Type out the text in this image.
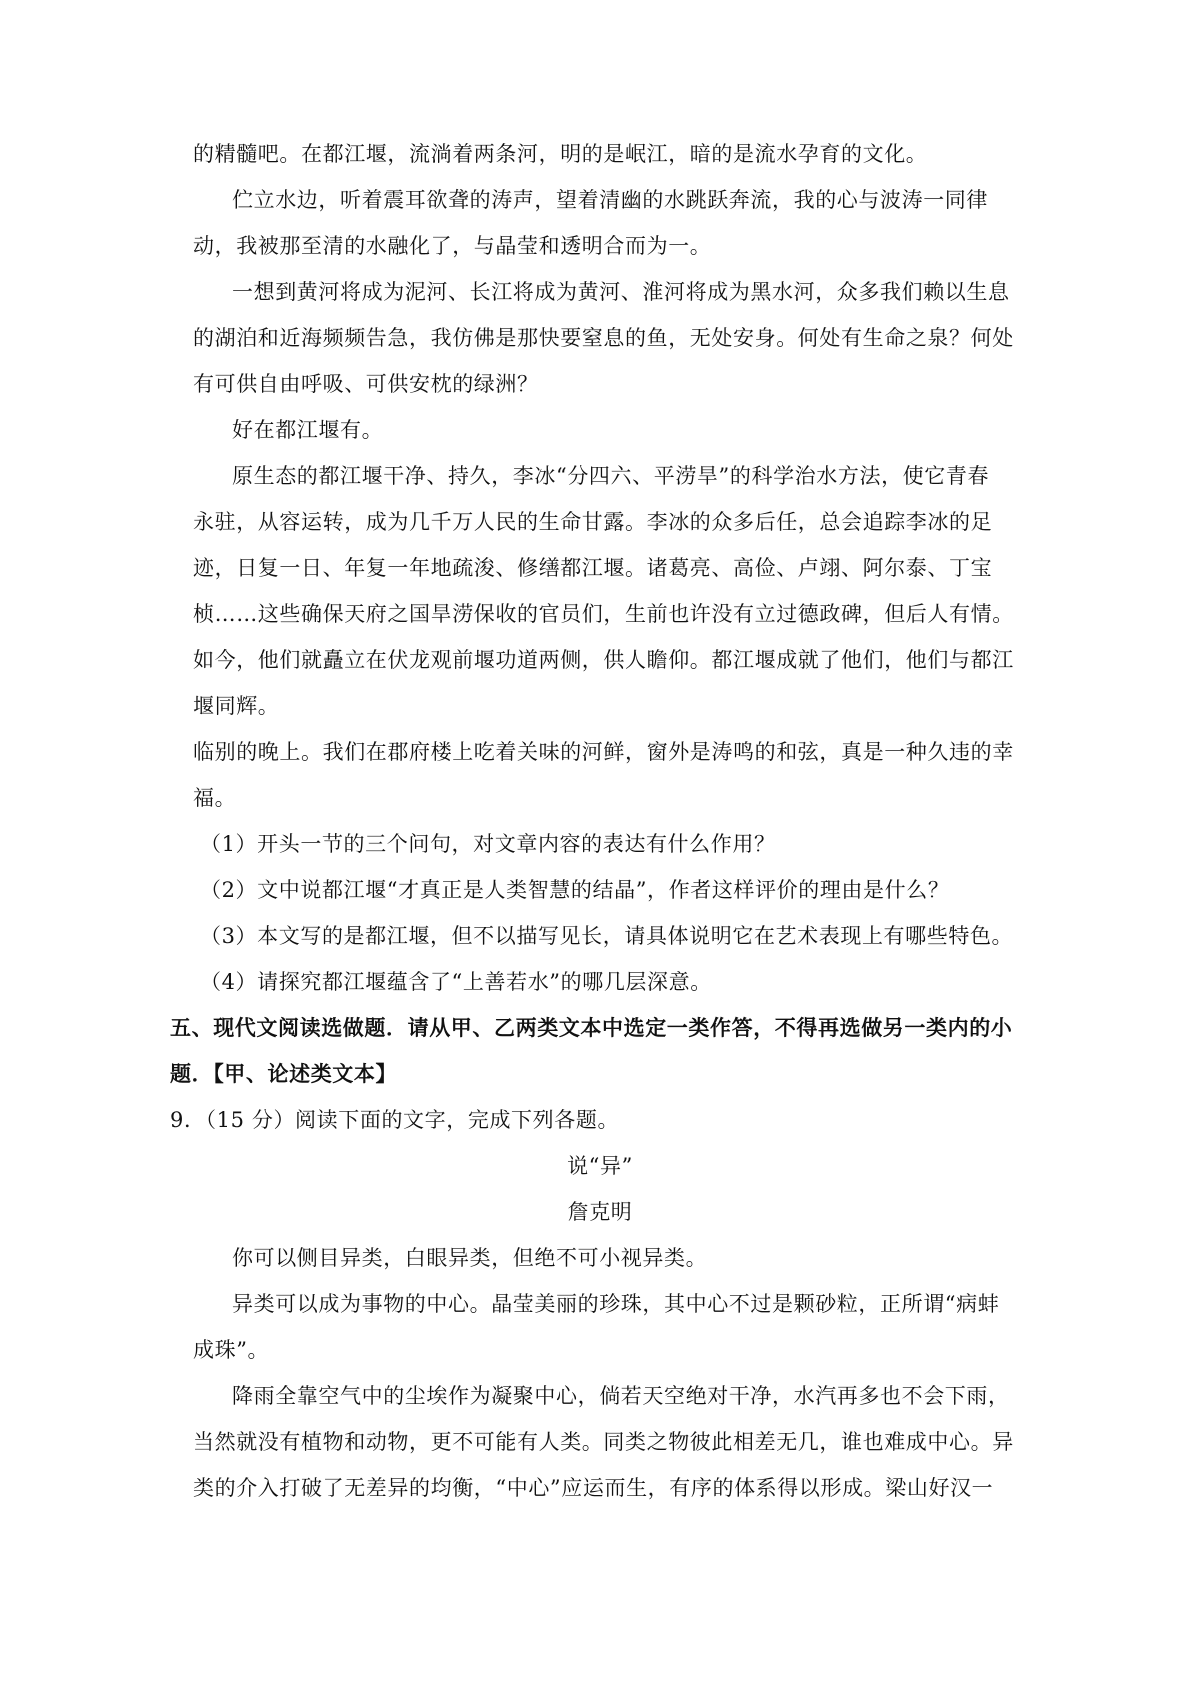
的精髓吧。在都江堰，流淌着两条河，明的是岷江，暗的是流水孕育的文化。
伫立水边，听着震耳欲聋的涛声，望着清幽的水跳跃奔流，我的心与波涛一同律
动，我被那至清的水融化了，与晶莹和透明合而为一。
一想到黄河将成为泥河、长江将成为黄河、淮河将成为黑水河，众多我们赖以生息
的湖泊和近海频频告急，我仿佛是那快要窒息的鱼，无处安身。何处有生命之泉？何处
有可供自由呼吸、可供安枕的绿洲？
好在都江堰有。
原生态的都江堰干净、持久，李冰“分四六、平涝旱”的科学治水方法，使它青春
永驻，从容运转，成为几千万人民的生命甘露。李冰的众多后任，总会追踪李冰的足
迹，日复一日、年复一年地疏浚、修缮都江堰。诸葛亮、高俭、卢翊、阿尔泰、丁宝
桢……这些确保天府之国旱涝保收的官员们，生前也许没有立过德政碑，但后人有情。
如今，他们就矗立在伏龙观前堰功道两侧，供人瞻仰。都江堰成就了他们，他们与都江
堰同辉。
临别的晚上。我们在郡府楼上吃着关味的河鲜，窗外是涛鸣的和弦，真是一种久违的幸
福。
（1）开头一节的三个问句，对文章内容的表达有什么作用？
（2）文中说都江堰“才真正是人类智慧的结晶”，作者这样评价的理由是什么？
（3）本文写的是都江堰，但不以描写见长，请具体说明它在艺术表现上有哪些特色。
（4）请探究都江堰蕴含了“上善若水”的哪几层深意。
五、现代文阅读选做题．请从甲、乙两类文本中选定一类作答，不得再选做另一类内的小
题．【甲、论述类文本】
9．（15 分）阅读下面的文字，完成下列各题。
说“异”
詹克明
你可以侧目异类，白眼异类，但绝不可小视异类。
异类可以成为事物的中心。晶莹美丽的珍珠，其中心不过是颗砂粒，正所谓“病蚌
成珠”。
降雨全靠空气中的尘埃作为凝聚中心，倘若天空绝对干净，水汽再多也不会下雨，
当然就没有植物和动物，更不可能有人类。同类之物彼此相差无几，谁也难成中心。异
类的介入打破了无差异的均衡，“中心”应运而生，有序的体系得以形成。梁山好汉一
